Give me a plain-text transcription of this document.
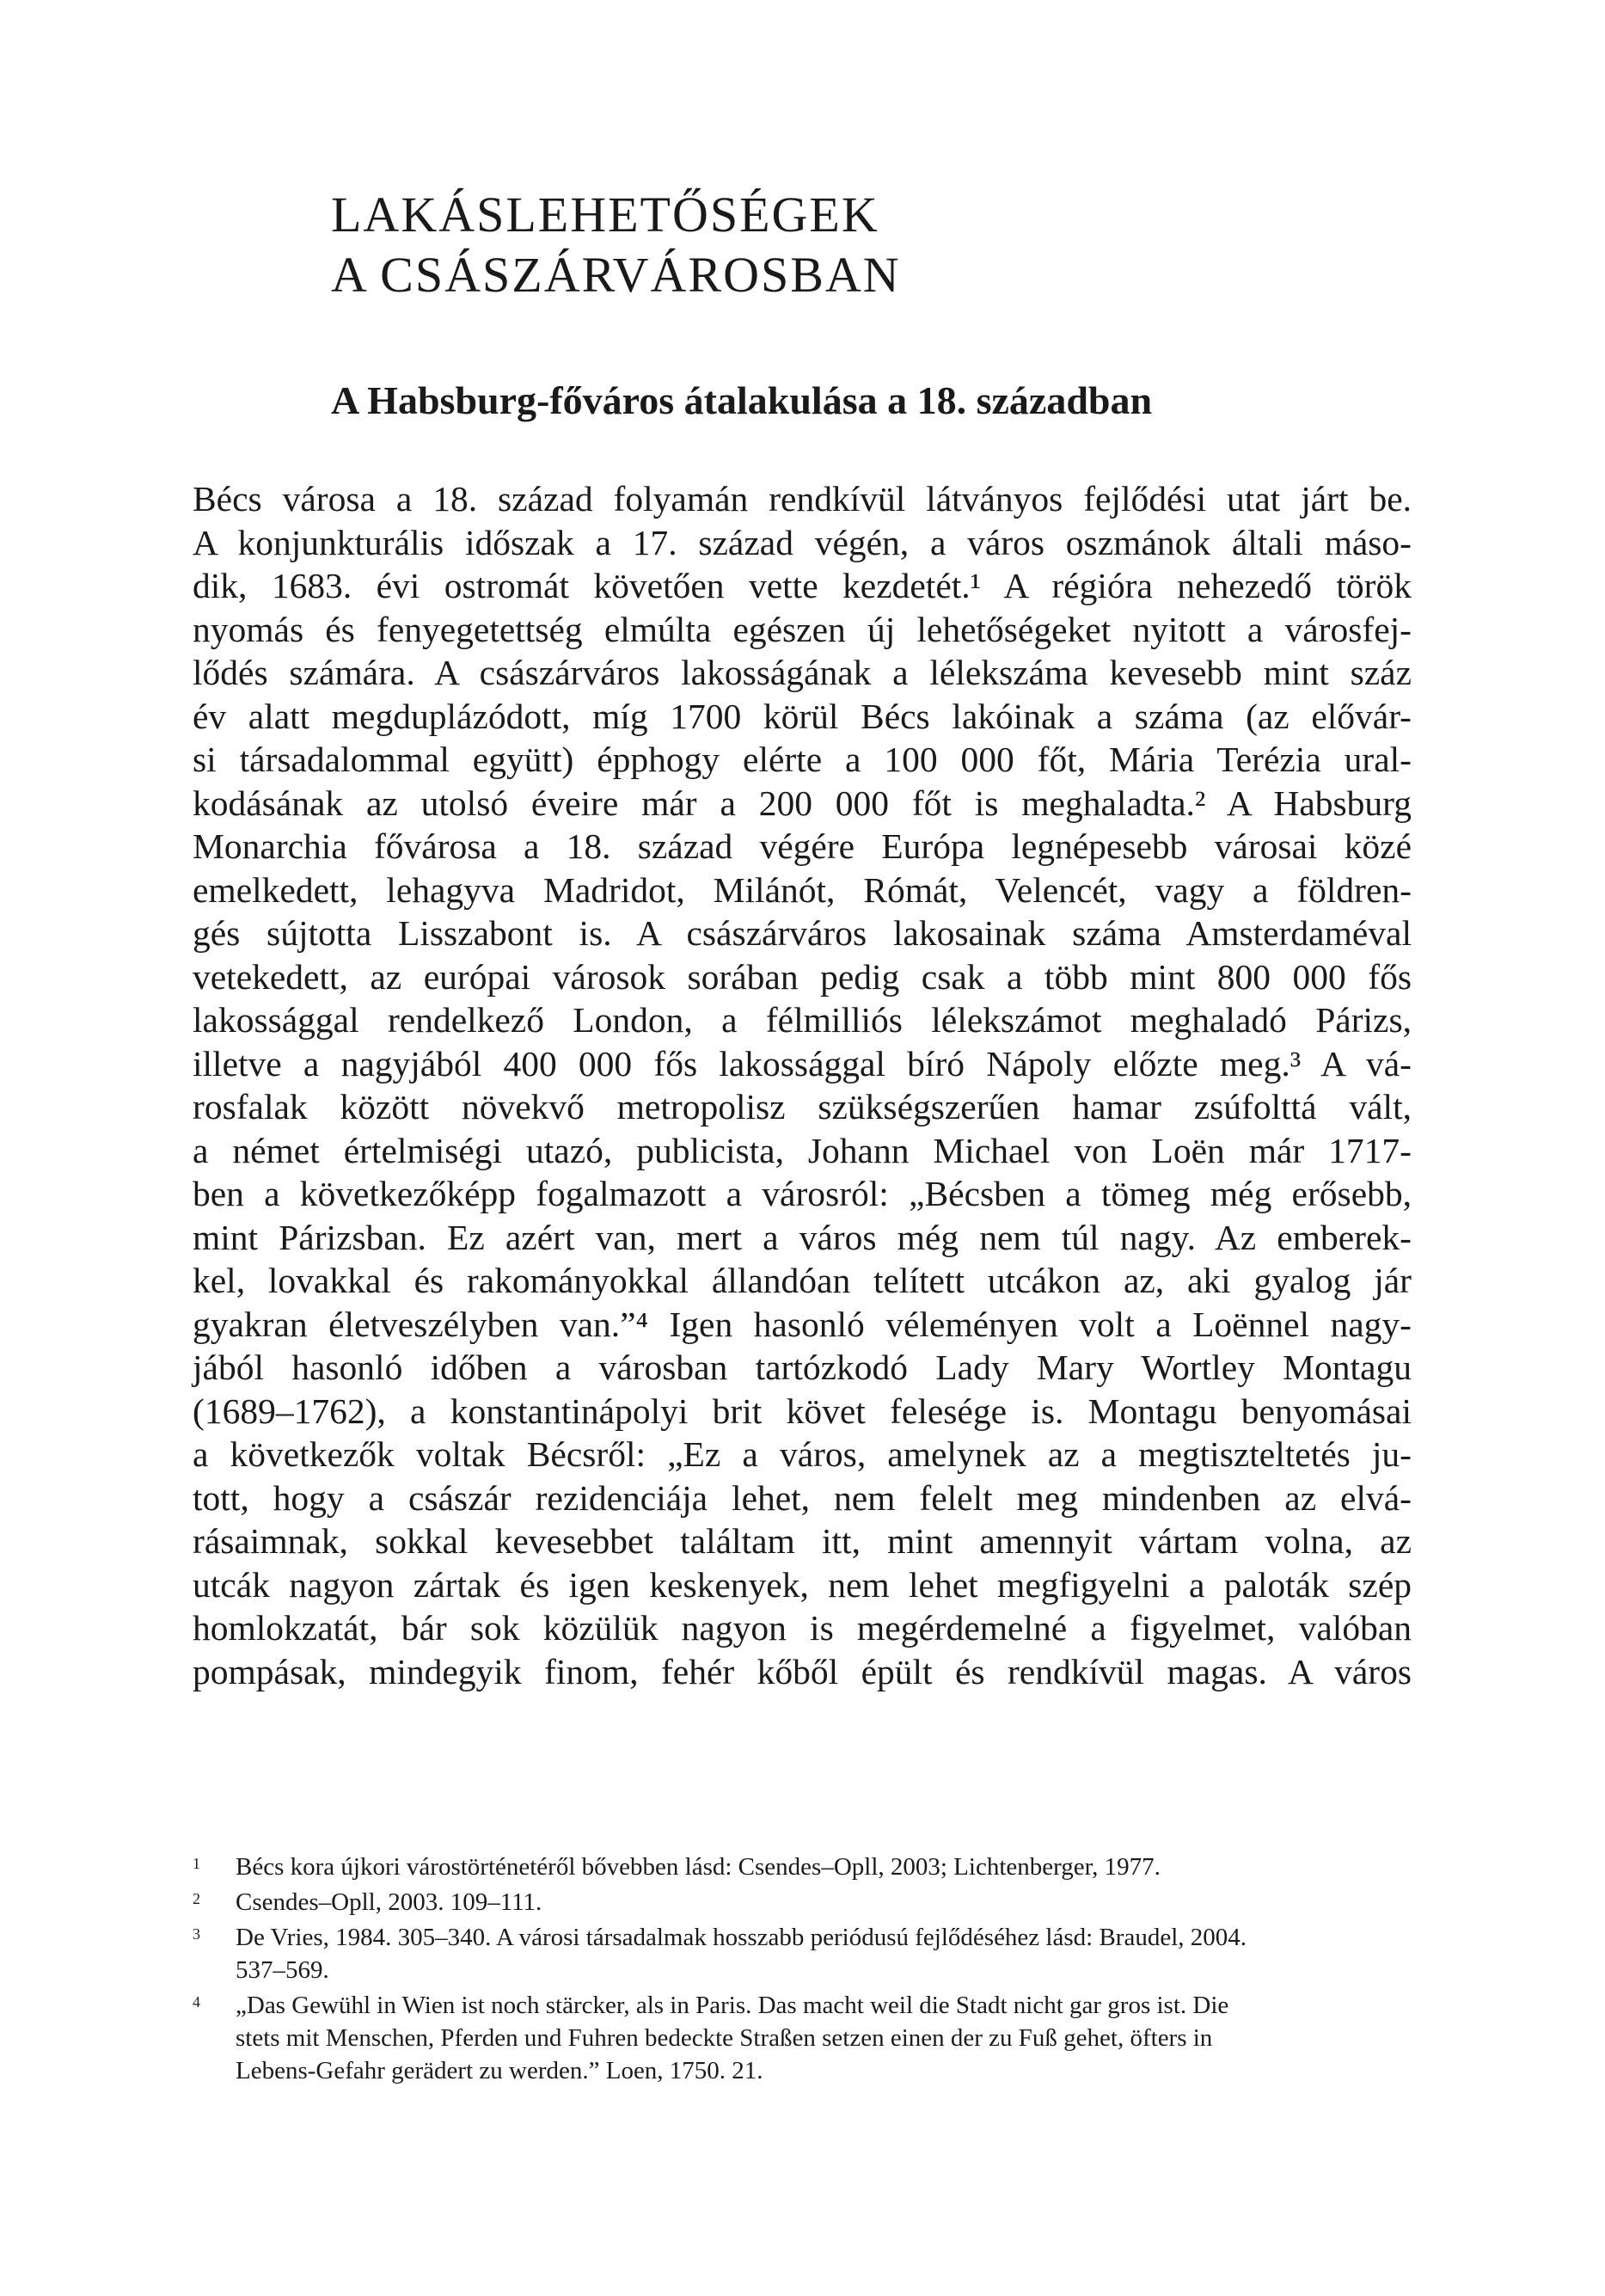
LAKÁSLEHETŐSÉGEK
A CSÁSZÁRVÁROSBAN
A Habsburg-főváros átalakulása a 18. században
Bécs városa a 18. század folyamán rendkívül látványos fejlődési utat járt be.
A konjunkturális időszak a 17. század végén, a város oszmánok általi máso-
dik, 1683. évi ostromát követően vette kezdetét.¹ A régióra nehezedő török
nyomás és fenyegetettség elmúlta egészen új lehetőségeket nyitott a városfej-
lődés számára. A császárváros lakosságának a lélekszáma kevesebb mint száz
év alatt megduplázódott, míg 1700 körül Bécs lakóinak a száma (az elővár-
si társadalommal együtt) épphogy elérte a 100 000 főt, Mária Terézia ural-
kodásának az utolsó éveire már a 200 000 főt is meghaladta.² A Habsburg
Monarchia fővárosa a 18. század végére Európa legnépesebb városai közé
emelkedett, lehagyva Madridot, Milánót, Rómát, Velencét, vagy a földren-
gés sújtotta Lisszabont is. A császárváros lakosainak száma Amsterdaméval
vetekedett, az európai városok sorában pedig csak a több mint 800 000 fős
lakossággal rendelkező London, a félmilliós lélekszámot meghaladó Párizs,
illetve a nagyjából 400 000 fős lakossággal bíró Nápoly előzte meg.³ A vá-
rosfalak között növekvő metropolisz szükségszerűen hamar zsúfolttá vált,
a német értelmiségi utazó, publicista, Johann Michael von Loën már 1717-
ben a következőképp fogalmazott a városról: „Bécsben a tömeg még erősebb,
mint Párizsban. Ez azért van, mert a város még nem túl nagy. Az emberek-
kel, lovakkal és rakományokkal állandóan telített utcákon az, aki gyalog jár
gyakran életveszélyben van.”⁴ Igen hasonló véleményen volt a Loënnel nagy-
jából hasonló időben a városban tartózkodó Lady Mary Wortley Montagu
(1689–1762), a konstantinápolyi brit követ felesége is. Montagu benyomásai
a következők voltak Bécsről: „Ez a város, amelynek az a megtiszteltetés ju-
tott, hogy a császár rezidenciája lehet, nem felelt meg mindenben az elvá-
rásaimnak, sokkal kevesebbet találtam itt, mint amennyit vártam volna, az
utcák nagyon zártak és igen keskenyek, nem lehet megfigyelni a paloták szép
homlokzatát, bár sok közülük nagyon is megérdemelné a figyelmet, valóban
pompásak, mindegyik finom, fehér kőből épült és rendkívül magas. A város
1 Bécs kora újkori várostörténetéről bővebben lásd: Csendes–Opll, 2003; Lichtenberger, 1977.
2 Csendes–Opll, 2003. 109–111.
3 De Vries, 1984. 305–340. A városi társadalmak hosszabb periódusú fejlődéséhez lásd: Braudel, 2004.
537–569.
4 „Das Gewühl in Wien ist noch stärcker, als in Paris. Das macht weil die Stadt nicht gar gros ist. Die
stets mit Menschen, Pferden und Fuhren bedeckte Straßen setzen einen der zu Fuß gehet, öfters in
Lebens-Gefahr gerädert zu werden.” Loen, 1750. 21.
